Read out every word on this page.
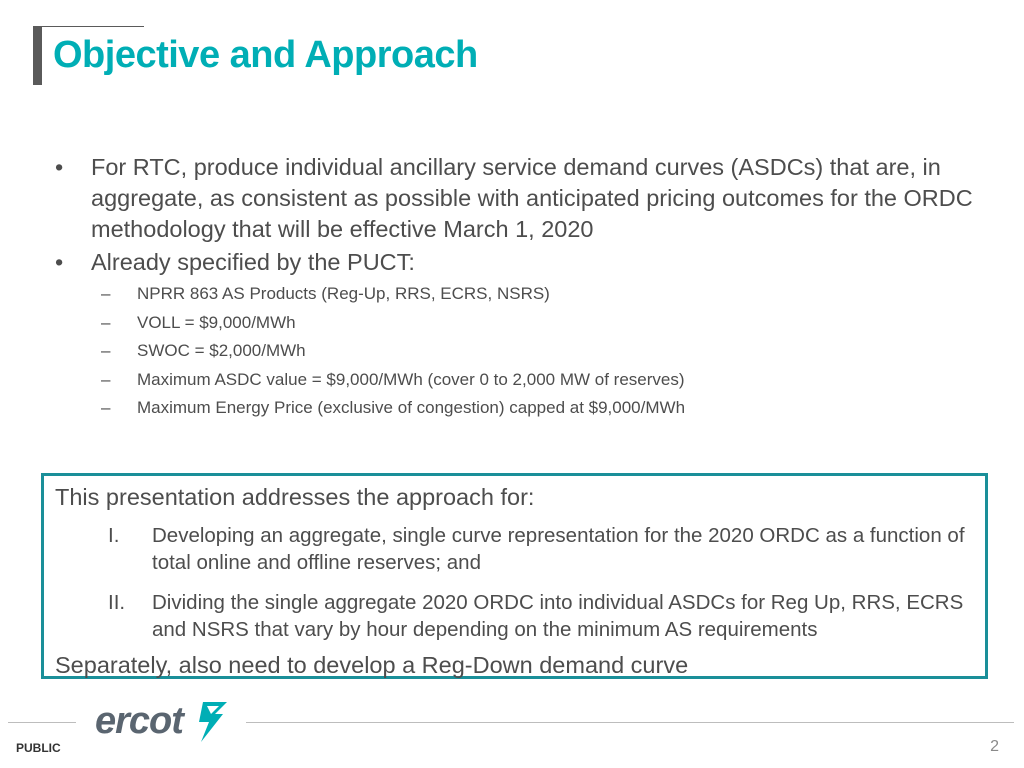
Objective and Approach
• For RTC, produce individual ancillary service demand curves (ASDCs) that are, in aggregate, as consistent as possible with anticipated pricing outcomes for the ORDC methodology that will be effective March 1, 2020
• Already specified by the PUCT:
– NPRR 863 AS Products (Reg-Up, RRS, ECRS, NSRS)
– VOLL = $9,000/MWh
– SWOC = $2,000/MWh
– Maximum ASDC value = $9,000/MWh (cover 0 to 2,000 MW of reserves)
– Maximum Energy Price (exclusive of congestion) capped at $9,000/MWh
This presentation addresses the approach for:
I. Developing an aggregate, single curve representation for the 2020 ORDC as a function of total online and offline reserves; and
II. Dividing the single aggregate 2020 ORDC into individual ASDCs for Reg Up, RRS, ECRS and NSRS that vary by hour depending on the minimum AS requirements
Separately, also need to develop a Reg-Down demand curve
ercot
PUBLIC	2
